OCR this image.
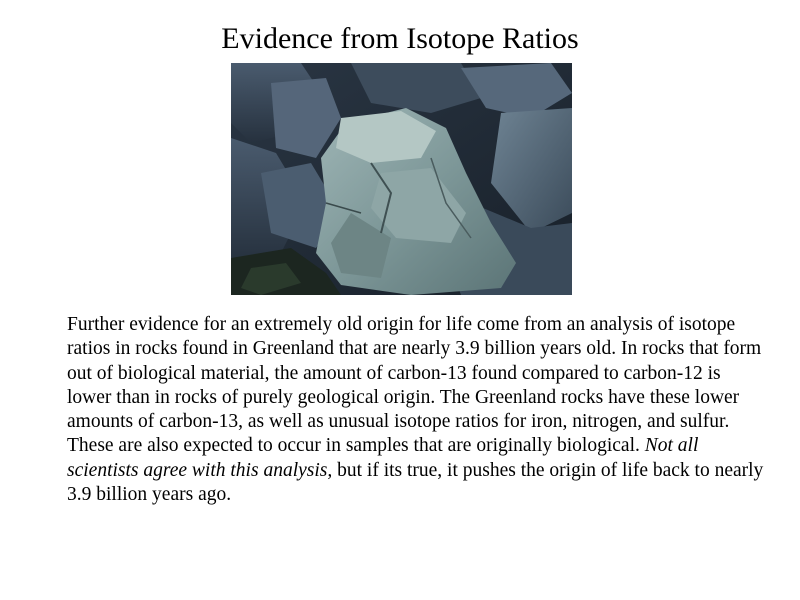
Evidence from Isotope Ratios

Further evidence for an extremely old origin for life come from an analysis of isotope ratios in rocks found in Greenland that are nearly 3.9 billion years old. In rocks that form out of biological material, the amount of carbon-13 found compared to carbon-12 is lower than in rocks of purely geological origin. The Greenland rocks have these lower amounts of carbon-13, as well as unusual isotope ratios for iron, nitrogen, and sulfur. These are also expected to occur in samples that are originally biological. Not all scientists agree with this analysis, but if its true, it pushes the origin of life back to nearly 3.9 billion years ago.
